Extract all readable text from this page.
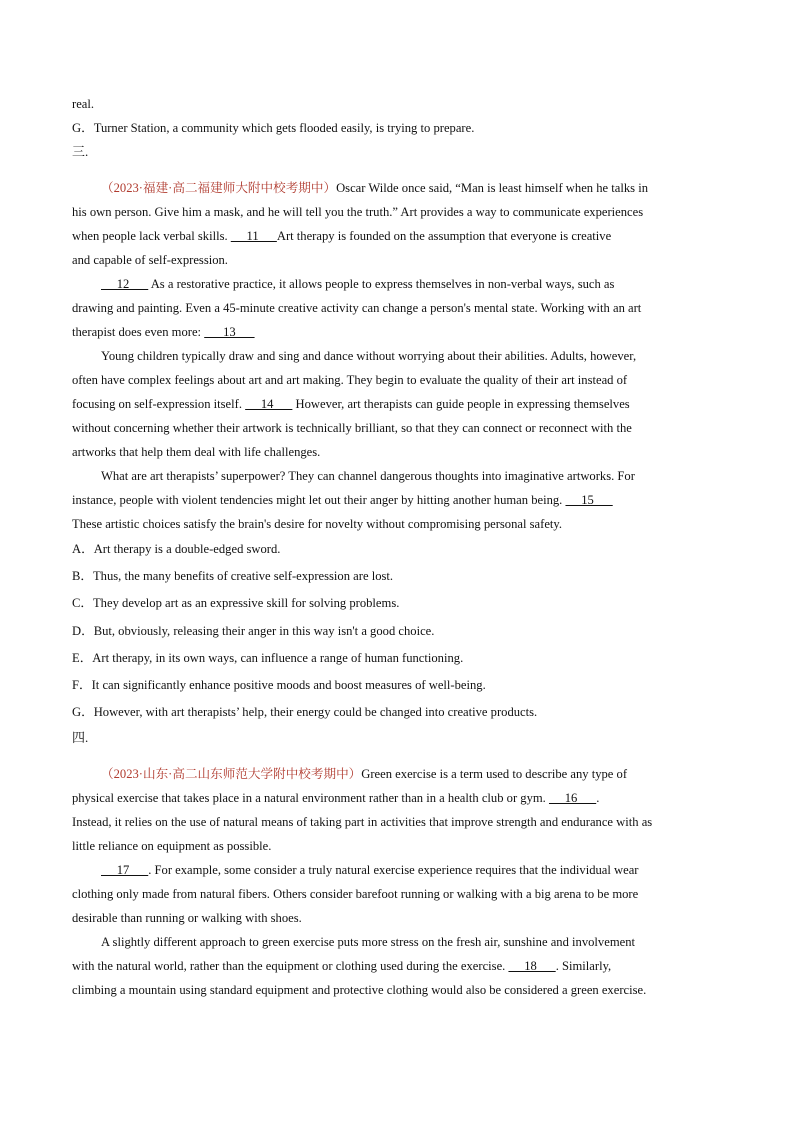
real.
G．Turner Station, a community which gets flooded easily, is trying to prepare.
三.
（2023·福建·高二福建师大附中校考期中）Oscar Wilde once said, “Man is least himself when he talks in
his own person. Give him a mask, and he will tell you the truth.” Art provides a way to communicate experiences
when people lack verbal skills.      11      Art therapy is founded on the assumption that everyone is creative
and capable of self-expression.
12       As a restorative practice, it allows people to express themselves in non-verbal ways, such as
drawing and painting. Even a 45-minute creative activity can change a person's mental state. Working with an art
therapist does even more:       13
Young children typically draw and sing and dance without worrying about their abilities. Adults, however,
often have complex feelings about art and art making. They begin to evaluate the quality of their art instead of
focusing on self-expression itself.      14       However, art therapists can guide people in expressing themselves
without concerning whether their artwork is technically brilliant, so that they can connect or reconnect with the
artworks that help them deal with life challenges.
What are art therapists’ superpower? They can channel dangerous thoughts into imaginative artworks. For
instance, people with violent tendencies might let out their anger by hitting another human being.      15
These artistic choices satisfy the brain's desire for novelty without compromising personal safety.
A．Art therapy is a double-edged sword.
B．Thus, the many benefits of creative self-expression are lost.
C．They develop art as an expressive skill for solving problems.
D．But, obviously, releasing their anger in this way isn't a good choice.
E．Art therapy, in its own ways, can influence a range of human functioning.
F．It can significantly enhance positive moods and boost measures of well-being.
G．However, with art therapists’ help, their energy could be changed into creative products.
四.
（2023·山东·高二山东师范大学附中校考期中）Green exercise is a term used to describe any type of
physical exercise that takes place in a natural environment rather than in a health club or gym.      16      .
Instead, it relies on the use of natural means of taking part in activities that improve strength and endurance with as
little reliance on equipment as possible.
17      . For example, some consider a truly natural exercise experience requires that the individual wear
clothing only made from natural fibers. Others consider barefoot running or walking with a big arena to be more
desirable than running or walking with shoes.
A slightly different approach to green exercise puts more stress on the fresh air, sunshine and involvement
with the natural world, rather than the equipment or clothing used during the exercise.      18      . Similarly,
climbing a mountain using standard equipment and protective clothing would also be considered a green exercise.
